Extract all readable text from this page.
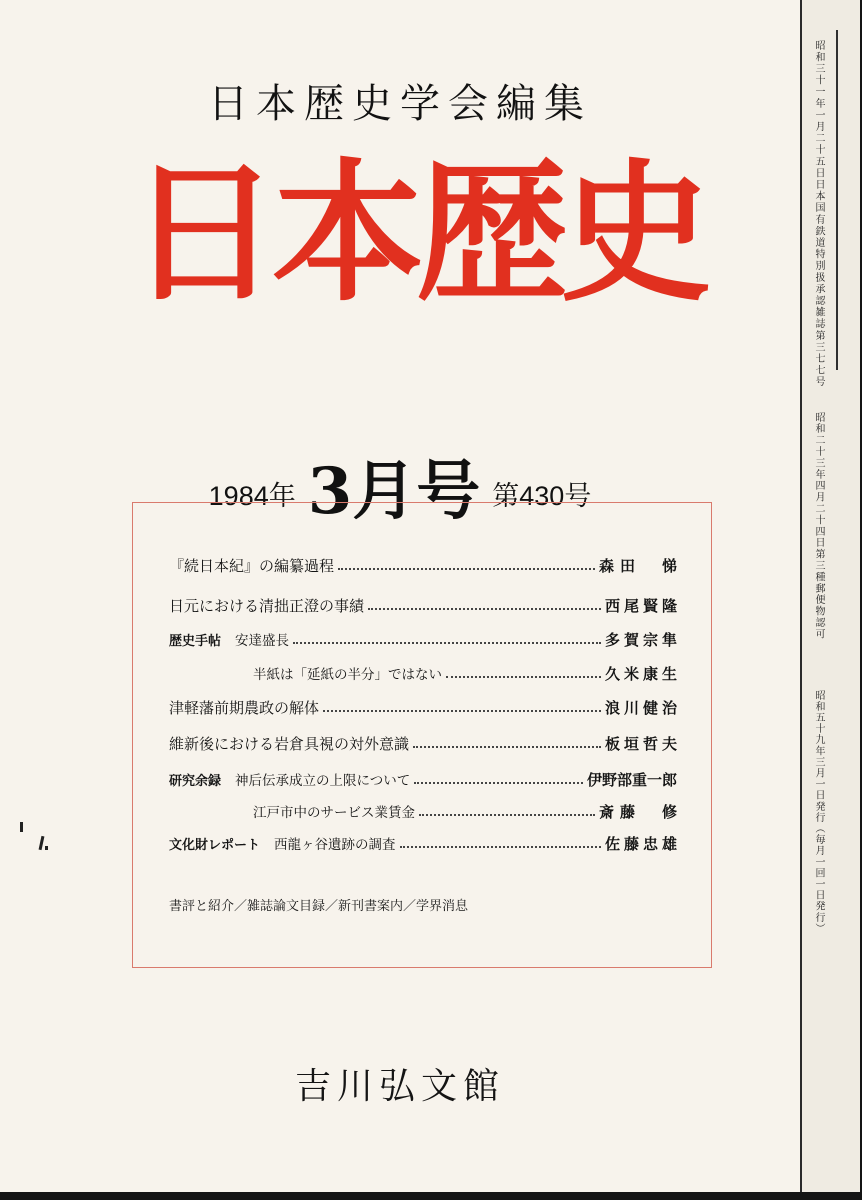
日本歴史学会編集
日本歴史
1984年 3月号 第430号
『続日本紀』の編纂過程	森田　悌
日元における清拙正澄の事績	西尾賢隆
歴史手帖 安達盛長	多賀宗隼
半紙は「延紙の半分」ではない	久米康生
津軽藩前期農政の解体	浪川健治
維新後における岩倉具視の対外意識	板垣哲夫
研究余録 神后伝承成立の上限について	伊野部重一郎
江戸市中のサービス業賃金	斎藤　修
文化財レポート 西龍ヶ谷遺跡の調査	佐藤忠雄
書評と紹介／雑誌論文目録／新刊書案内／学界消息
吉川弘文館
昭和三十一年一月二十五日日本国有鉄道特別扱承認雑誌第三七七号
昭和二十三年四月二十四日第三種郵便物認可
昭和五十九年三月一日発行（毎月一回一日発行）
